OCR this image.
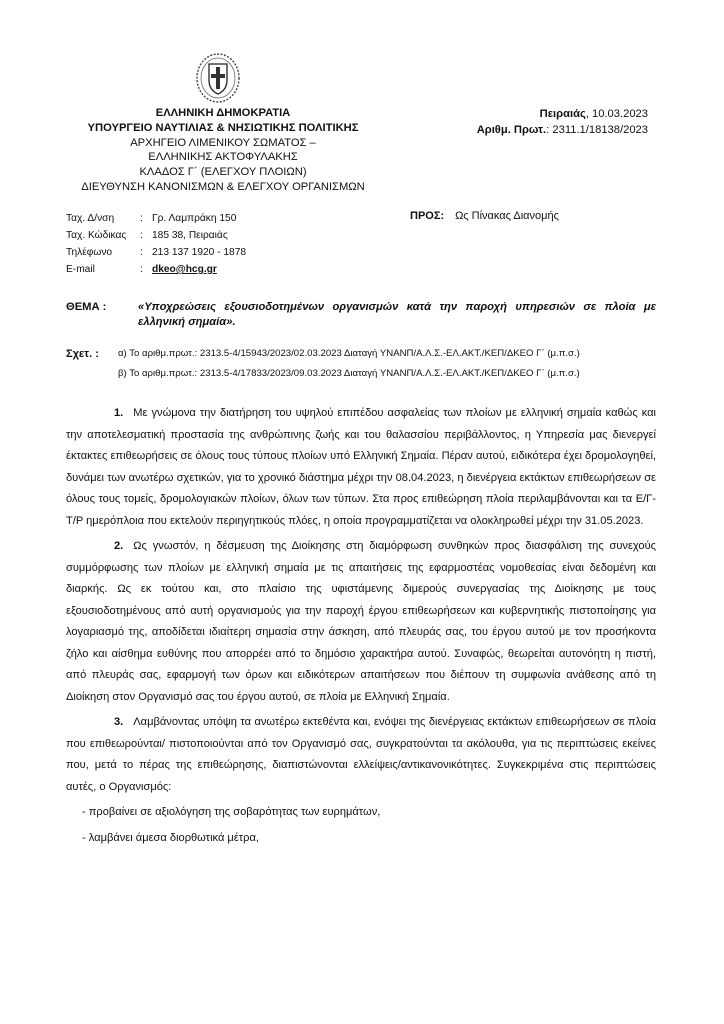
ΕΛΛΗΝΙΚΗ ΔΗΜΟΚΡΑΤΙΑ
ΥΠΟΥΡΓΕΙΟ ΝΑΥΤΙΛΙΑΣ & ΝΗΣΙΩΤΙΚΗΣ ΠΟΛΙΤΙΚΗΣ
ΑΡΧΗΓΕΙΟ ΛΙΜΕΝΙΚΟΥ ΣΩΜΑΤΟΣ –
ΕΛΛΗΝΙΚΗΣ ΑΚΤΟΦΥΛΑΚΗΣ
ΚΛΑΔΟΣ Γ΄ (ΕΛΕΓΧΟΥ ΠΛΟΙΩΝ)
ΔΙΕΥΘΥΝΣΗ ΚΑΝΟΝΙΣΜΩΝ & ΕΛΕΓΧΟΥ ΟΡΓΑΝΙΣΜΩΝ
Πειραιάς, 10.03.2023
Αριθμ. Πρωτ.: 2311.1/18138/2023
Ταχ. Δ/νση	: Γρ. Λαμπράκη 150
Ταχ. Κώδικας	: 185 38, Πειραιάς
Τηλέφωνο	: 213 137 1920 - 1878
E-mail	: dkeo@hcg.gr
ΠΡΟΣ: Ως Πίνακας Διανομής
ΘΕΜΑ :	«Υποχρεώσεις εξουσιοδοτημένων οργανισμών κατά την παροχή υπηρεσιών σε πλοία με ελληνική σημαία».
Σχετ. :	α) Το αριθμ.πρωτ.: 2313.5-4/15943/2023/02.03.2023 Διαταγή ΥΝΑΝΠ/Α.Λ.Σ.-ΕΛ.ΑΚΤ./ΚΕΠ/ΔΚΕΟ Γ΄ (μ.π.σ.)
β) Το αριθμ.πρωτ.: 2313.5-4/17833/2023/09.03.2023 Διαταγή ΥΝΑΝΠ/Α.Λ.Σ.-ΕΛ.ΑΚΤ./ΚΕΠ/ΔΚΕΟ Γ΄ (μ.π.σ.)

1. Με γνώμονα την διατήρηση του υψηλού επιπέδου ασφαλείας των πλοίων με ελληνική σημαία καθώς και την αποτελεσματική προστασία της ανθρώπινης ζωής και του θαλασσίου περιβάλλοντος, η Υπηρεσία μας διενεργεί έκτακτες επιθεωρήσεις σε όλους τους τύπους πλοίων υπό Ελληνική Σημαία. Πέραν αυτού, ειδικότερα έχει δρομολογηθεί, δυνάμει των ανωτέρω σχετικών, για το χρονικό διάστημα μέχρι την 08.04.2023, η διενέργεια εκτάκτων επιθεωρήσεων σε όλους τους τομείς, δρομολογιακών πλοίων, όλων των τύπων. Στα προς επιθεώρηση πλοία περιλαμβάνονται και τα Ε/Γ-Τ/Ρ ημερόπλοια που εκτελούν περιηγητικούς πλόες, η οποία προγραμματίζεται να ολοκληρωθεί μέχρι την 31.05.2023.

2. Ως γνωστόν, η δέσμευση της Διοίκησης στη διαμόρφωση συνθηκών προς διασφάλιση της συνεχούς συμμόρφωσης των πλοίων με ελληνική σημαία με τις απαιτήσεις της εφαρμοστέας νομοθεσίας είναι δεδομένη και διαρκής. Ως εκ τούτου και, στο πλαίσιο της υφιστάμενης διμερούς συνεργασίας της Διοίκησης με τους εξουσιοδοτημένους από αυτή οργανισμούς για την παροχή έργου επιθεωρήσεων και κυβερνητικής πιστοποίησης για λογαριασμό της, αποδίδεται ιδιαίτερη σημασία στην άσκηση, από πλευράς σας, του έργου αυτού με τον προσήκοντα ζήλο και αίσθημα ευθύνης που απορρέει από το δημόσιο χαρακτήρα αυτού. Συναφώς, θεωρείται αυτονόητη η πιστή, από πλευράς σας, εφαρμογή των όρων και ειδικότερων απαιτήσεων που διέπουν τη συμφωνία ανάθεσης από τη Διοίκηση στον Οργανισμό σας του έργου αυτού, σε πλοία με Ελληνική Σημαία.

3. Λαμβάνοντας υπόψη τα ανωτέρω εκτεθέντα και, ενόψει της διενέργειας εκτάκτων επιθεωρήσεων σε πλοία που επιθεωρούνται/ πιστοποιούνται από τον Οργανισμό σας, συγκρατούνται τα ακόλουθα, για τις περιπτώσεις εκείνες που, μετά το πέρας της επιθεώρησης, διαπιστώνονται ελλείψεις/αντικανονικότητες. Συγκεκριμένα στις περιπτώσεις αυτές, ο Οργανισμός:

- προβαίνει σε αξιολόγηση της σοβαρότητας των ευρημάτων,

- λαμβάνει άμεσα διορθωτικά μέτρα,
